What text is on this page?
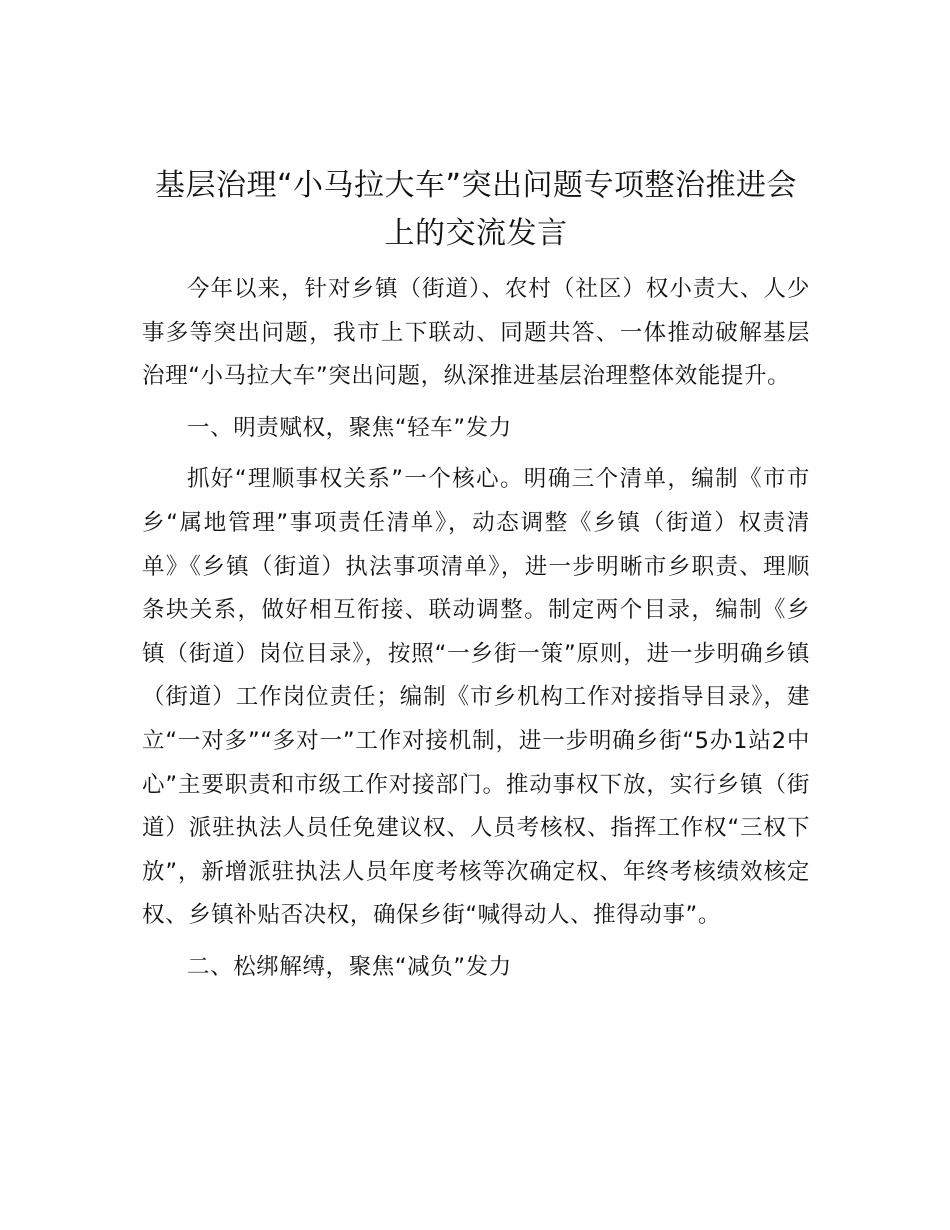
基层治理“小马拉大车”突出问题专项整治推进会上的交流发言

今年以来，针对乡镇（街道）、农村（社区）权小责大、人少事多等突出问题，我市上下联动、同题共答、一体推动破解基层治理“小马拉大车”突出问题，纵深推进基层治理整体效能提升。

一、明责赋权，聚焦“轻车”发力

抓好“理顺事权关系”一个核心。明确三个清单，编制《市市乡“属地管理”事项责任清单》，动态调整《乡镇（街道）权责清单》《乡镇（街道）执法事项清单》，进一步明晰市乡职责、理顺条块关系，做好相互衔接、联动调整。制定两个目录，编制《乡镇（街道）岗位目录》，按照“一乡街一策”原则，进一步明确乡镇（街道）工作岗位责任；编制《市乡机构工作对接指导目录》，建立“一对多”“多对一”工作对接机制，进一步明确乡街“5办1站2中心”主要职责和市级工作对接部门。推动事权下放，实行乡镇（街道）派驻执法人员任免建议权、人员考核权、指挥工作权“三权下放”，新增派驻执法人员年度考核等次确定权、年终考核绩效核定权、乡镇补贴否决权，确保乡街“喊得动人、推得动事”。

二、松绑解缚，聚焦“减负”发力
